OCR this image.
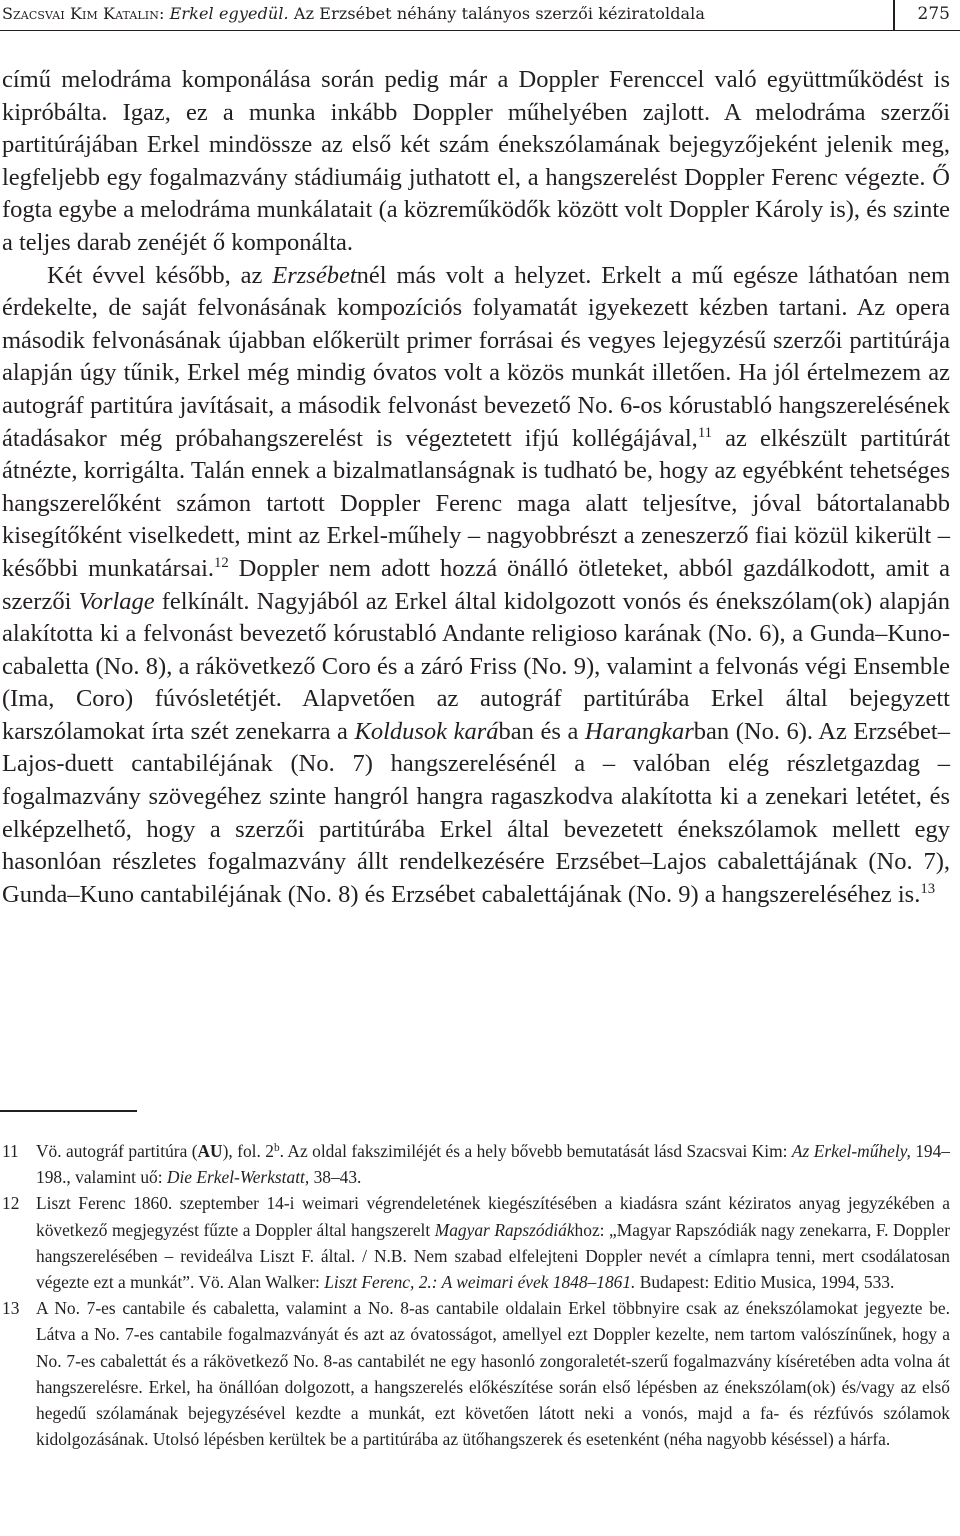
Szacsvai Kim Katalin: Erkel egyedül. Az Erzsébet néhány talányos szerzői kéziratoldala	275

című melodráma komponálása során pedig már a Doppler Ferenccel való együttműködést is kipróbálta. Igaz, ez a munka inkább Doppler műhelyében zajlott. A melodráma szerzői partitúrájában Erkel mindössze az első két szám énekszólamának bejegyzőjeként jelenik meg, legfeljebb egy fogalmazvány stádiumáig juthatott el, a hangszerelést Doppler Ferenc végezte. Ő fogta egybe a melodráma munkálatait (a közreműködők között volt Doppler Károly is), és szinte a teljes darab zenéjét ő komponálta.

Két évvel később, az Erzsébetnél más volt a helyzet. Erkelt a mű egésze láthatóan nem érdekelte, de saját felvonásának kompozíciós folyamatát igyekezett kézben tartani. Az opera második felvonásának újabban előkerült primer forrásai és vegyes lejegyzésű szerzői partitúrája alapján úgy tűnik, Erkel még mindig óvatos volt a közös munkát illetően. Ha jól értelmezem az autográf partitúra javításait, a második felvonást bevezető No. 6-os kórustabló hangszerelésének átadásakor még próbahangszerelést is végeztetett ifjú kollégájával,$^{11}$ az elkészült partitúrát átnézte, korrigálta. Talán ennek a bizalmatlanságnak is tudható be, hogy az egyébként tehetséges hangszerelőként számon tartott Doppler Ferenc maga alatt teljesítve, jóval bátortalanabb kisegítőként viselkedett, mint az Erkel-műhely – nagyobbrészt a zeneszerző fiai közül kikerült – későbbi munkatársai.$^{12}$ Doppler nem adott hozzá önálló ötleteket, abból gazdálkodott, amit a szerzői Vorlage felkínált. Nagyjából az Erkel által kidolgozott vonós és énekszólam(ok) alapján alakította ki a felvonást bevezető kórustabló Andante religioso karának (No. 6), a Gunda–Kuno-cabaletta (No. 8), a rákövetkező Coro és a záró Friss (No. 9), valamint a felvonás végi Ensemble (Ima, Coro) fúvósletétjét. Alapvetően az autográf partitúrába Erkel által bejegyzett karszólamokat írta szét zenekarra a Koldusok karában és a Harangkarban (No. 6). Az Erzsébet–Lajos-duett cantabiléjának (No. 7) hangszerelésénél a – valóban elég részletgazdag – fogalmazvány szövegéhez szinte hangról hangra ragaszkodva alakította ki a zenekari letétet, és elképzelhető, hogy a szerzői partitúrába Erkel által bevezetett énekszólamok mellett egy hasonlóan részletes fogalmazvány állt rendelkezésére Erzsébet–Lajos cabalettájának (No. 7), Gunda–Kuno cantabiléjának (No. 8) és Erzsébet cabalettájának (No. 9) a hangszereléséhez is.$^{13}$

11 Vö. autográf partitúra (AU), fol. 2$^b$. Az oldal fakszimiléjét és a hely bővebb bemutatását lásd Szacsvai Kim: Az Erkel-műhely, 194–198., valamint uő: Die Erkel-Werkstatt, 38–43.
12 Liszt Ferenc 1860. szeptember 14-i weimari végrendeletének kiegészítésében a kiadásra szánt kéziratos anyag jegyzékében a következő megjegyzést fűzte a Doppler által hangszerelt Magyar Rapszódiákhoz: „Magyar Rapszódiák nagy zenekarra, F. Doppler hangszerelésében – revideálva Liszt F. által. / N.B. Nem szabad elfelejteni Doppler nevét a címlapra tenni, mert csodálatosan végezte ezt a munkát”. Vö. Alan Walker: Liszt Ferenc, 2.: A weimari évek 1848–1861. Budapest: Editio Musica, 1994, 533.
13 A No. 7-es cantabile és cabaletta, valamint a No. 8-as cantabile oldalain Erkel többnyire csak az énekszólamokat jegyezte be. Látva a No. 7-es cantabile fogalmazványát és azt az óvatosságot, amellyel ezt Doppler kezelte, nem tartom valószínűnek, hogy a No. 7-es cabalettát és a rákövetkező No. 8-as cantabilét ne egy hasonló zongoraletét-szerű fogalmazvány kíséretében adta volna át hangszerelésre. Erkel, ha önállóan dolgozott, a hangszerelés előkészítése során első lépésben az énekszólam(ok) és/vagy az első hegedű szólamának bejegyzésével kezdte a munkát, ezt követően látott neki a vonós, majd a fa- és rézfúvós szólamok kidolgozásának. Utolsó lépésben kerültek be a partitúrába az ütőhangszerek és esetenként (néha nagyobb késéssel) a hárfa.
